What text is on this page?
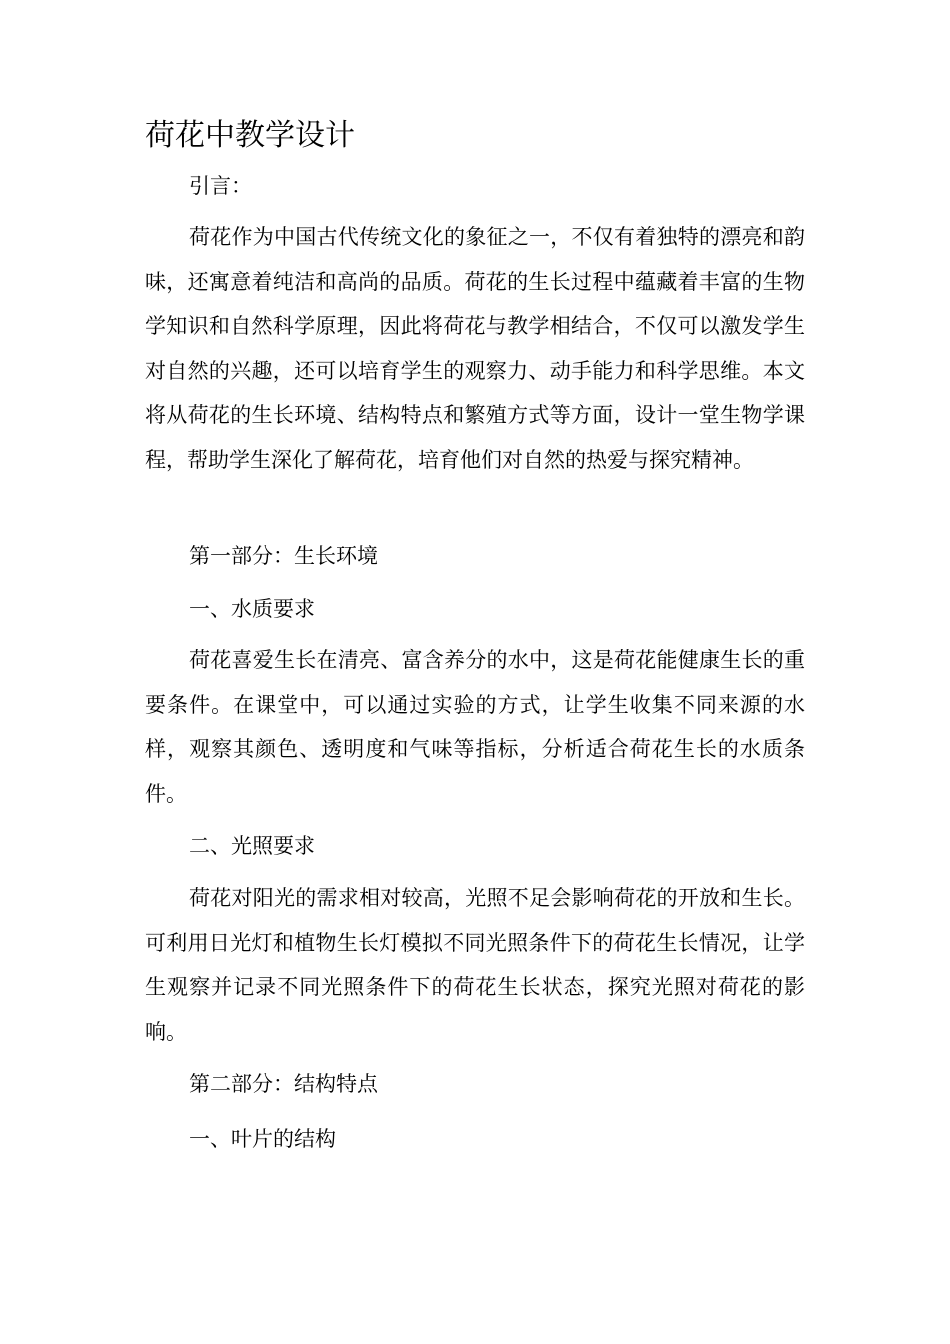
荷花中教学设计

引言：

荷花作为中国古代传统文化的象征之一，不仅有着独特的漂亮和韵味，还寓意着纯洁和高尚的品质。荷花的生长过程中蕴藏着丰富的生物学知识和自然科学原理，因此将荷花与教学相结合，不仅可以激发学生对自然的兴趣，还可以培育学生的观察力、动手能力和科学思维。本文将从荷花的生长环境、结构特点和繁殖方式等方面，设计一堂生物学课程，帮助学生深化了解荷花，培育他们对自然的热爱与探究精神。

第一部分：生长环境

一、水质要求

荷花喜爱生长在清亮、富含养分的水中，这是荷花能健康生长的重要条件。在课堂中，可以通过实验的方式，让学生收集不同来源的水样，观察其颜色、透明度和气味等指标，分析适合荷花生长的水质条件。

二、光照要求

荷花对阳光的需求相对较高，光照不足会影响荷花的开放和生长。可利用日光灯和植物生长灯模拟不同光照条件下的荷花生长情况，让学生观察并记录不同光照条件下的荷花生长状态，探究光照对荷花的影响。

第二部分：结构特点

一、叶片的结构
